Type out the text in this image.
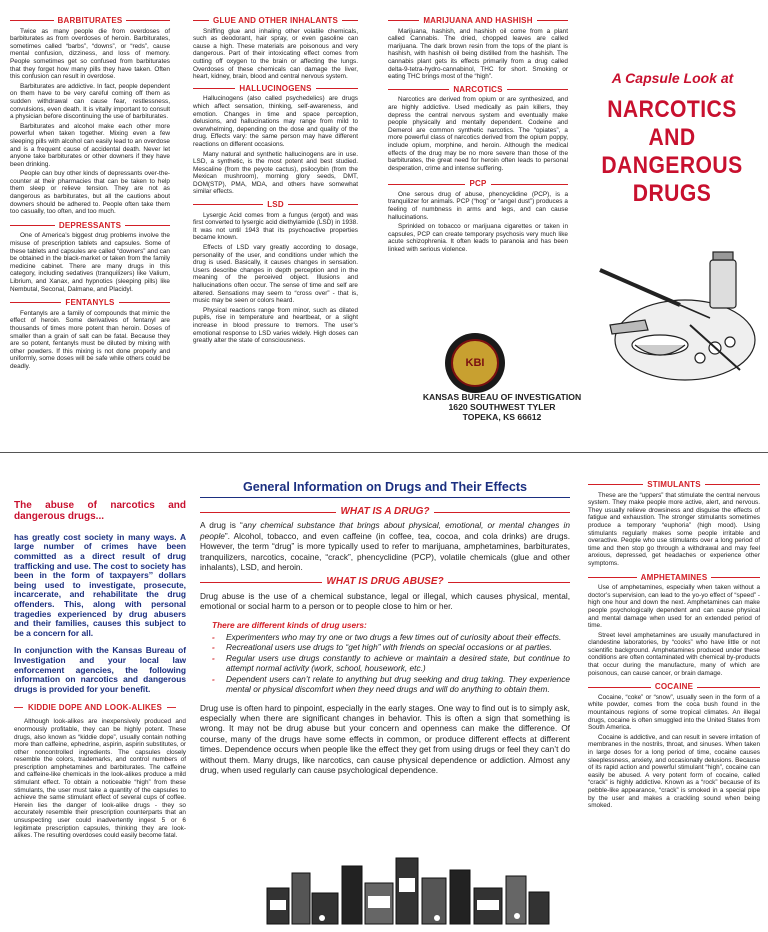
BARBITURATES

Twice as many people die from overdoses of barbiturates as from overdoses of heroin. Barbiturates, sometimes called “barbs”, “downs”, or “reds”, cause mental confusion, dizziness, and loss of memory. People sometimes get so confused from barbiturates that they forget how many pills they have taken. Often this confusion can result in overdose.

Barbiturates are addictive. In fact, people dependent on them have to be very careful coming off them as sudden withdrawal can cause fear, restlessness, convulsions, even death. It is vitally important to consult a physician before discontinuing the use of barbiturates.

Barbiturates and alcohol make each other more powerful when taken together. Mixing even a few sleeping pills with alcohol can easily lead to an overdose and is a frequent cause of accidental death. Never let anyone take barbiturates or other downers if they have been drinking.

People can buy other kinds of depressants over-the-counter at their pharmacies that can be taken to help them sleep or relieve tension. They are not as dangerous as barbiturates, but all the cautions about downers should be adhered to. People often take them too casually, too often, and too much.

DEPRESSANTS

One of America’s biggest drug problems involve the misuse of prescription tablets and capsules. Some of these tablets and capsules are called “downers” and can be obtained in the black-market or taken from the family medicine cabinet. There are many drugs in this category, including sedatives (tranquilizers) like Valium, Librium, and Xanax, and hypnotics (sleeping pills) like Nembutal, Seconal, Dalmane, and Placidyl.

FENTANYLS

Fentanyls are a family of compounds that mimic the effect of heroin. Some derivatives of fentanyl are thousands of times more potent than heroin. Doses of smaller than a grain of salt can be fatal. Because they are so potent, fentanyls must be diluted by mixing with other powders. If this mixing is not done properly and uniformly, some doses will be safe while others could be deadly.

GLUE AND OTHER INHALANTS

Sniffing glue and inhaling other volatile chemicals, such as deodorant, hair spray, or even gasoline can cause a high. These materials are poisonous and very dangerous. Part of their intoxicating effect comes from cutting off oxygen to the brain or affecting the lungs. Overdoses of these chemicals can damage the liver, heart, kidney, brain, blood and central nervous system.

HALLUCINOGENS

Hallucinogens (also called psychedelics) are drugs which affect sensation, thinking, self-awareness, and emotion. Changes in time and space perception, delusions, and hallucinations may range from mild to overwhelming, depending on the dose and quality of the drug. Effects vary: the same person may have different reactions on different occasions.

Many natural and synthetic hallucinogens are in use. LSD, a synthetic, is the most potent and best studied. Mescaline (from the peyote cactus), psilocybin (from the Mexican mushroom), morning glory seeds, DMT, DOM(STP), PMA, MDA, and others have somewhat similar effects.

LSD

Lysergic Acid comes from a fungus (ergot) and was first converted to lysergic acid diethylamide (LSD) in 1938. It was not until 1943 that its psychoactive properties became known.

Effects of LSD vary greatly according to dosage, personality of the user, and conditions under which the drug is used. Basically, it causes changes in sensation. Users describe changes in depth perception and in the meaning of the perceived object. Illusions and hallucinations often occur. The sense of time and self are altered. Sensations may seem to “cross over” - that is, music may be seen or colors heard.

Physical reactions range from minor, such as dilated pupils, rise in temperature and heartbeat, or a slight increase in blood pressure to tremors. The user’s emotional response to LSD varies widely. High doses can greatly alter the state of consciousness.

MARIJUANA AND HASHISH

Marijuana, hashish, and hashish oil come from a plant called Cannabis. The dried, chopped leaves are called marijuana. The dark brown resin from the tops of the plant is hashish, with hashish oil being distilled from the hashish. The cannabis plant gets its effects primarily from a drug called delta-9-tetra-hydro-cannabinol, THC for short. Smoking or eating THC brings most of the “high”.

NARCOTICS

Narcotics are derived from opium or are synthesized, and are highly addictive. Used medically as pain killers, they depress the central nervous system and eventually make people physically and mentally dependent. Codeine and Demerol are common synthetic narcotics. The “opiates”, a more powerful class of narcotics derived from the opium poppy, include opium, morphine, and heroin. Although the medical effects of the drug may be no more severe than those of the barbiturates, the great need for heroin often leads to personal desperation, crime and intense suffering.

PCP

One serous drug of abuse, phencyclidine (PCP), is a tranquilizer for animals. PCP (“hog” or “angel dust”) produces a feeling of numbness in arms and legs, and can cause hallucinations.

Sprinkled on tobacco or marijuana cigarettes or taken in capsules, PCP can create temporary psychosis very much like acute schizophrenia. It often leads to paranoia and has been linked with serious violence.

A Capsule Look at
NARCOTICS
AND
DANGEROUS
DRUGS
KBI
KANSAS BUREAU OF INVESTIGATION
1620 SOUTHWEST TYLER
TOPEKA, KS 66612
The abuse of narcotics and dangerous drugs...
has greatly cost society in many ways. A large number of crimes have been committed as a direct result of drug trafficking and use. The cost to society has been in the form of taxpayers’’ dollars being used to investigate, prosecute, incarcerate, and rehabilitate the drug offenders. This, along with personal tragedies experienced by drug abusers and their families, causes this subject to be a concern for all.
In conjunction with the Kansas Bureau of Investigation and your local law enforcement agencies, the following information on narcotics and dangerous drugs is provided for your benefit.
— KIDDIE DOPE AND LOOK-ALIKES —
Although look-alikes are inexpensively produced and enormously profitable, they can be highly potent. These drugs, also known as “kiddie dope”, usually contain nothing more than caffeine, ephedrine, aspirin, aspirin substitutes, or other noncontrolled ingredients. The capsules closely resemble the colors, trademarks, and control numbers of prescription amphetamines and barbiturates. The caffeine and caffeine-like chemicals in the look-alikes produce a mild stimulant effect. To obtain a noticeable “high” from these stimulants, the user must take a quantity of the capsules to achieve the same stimulant effect of several cups of coffee. Herein lies the danger of look-alike drugs - they so accurately resemble their prescription counterparts that an unsuspecting user could inadvertently ingest 5 or 6 legitimate prescription capsules, thinking they are look-alikes. The resulting overdoses could easily become fatal.
General Information on Drugs and Their Effects
WHAT IS A DRUG?

A drug is “any chemical substance that brings about physical, emotional, or mental changes in people”. Alcohol, tobacco, and even caffeine (in coffee, tea, cocoa, and cola drinks) are drugs. However, the term “drug” is more typically used to refer to marijuana, amphetamines, barbiturates, tranquilizers, narcotics, cocaine, “crack”, phencyclidine (PCP), volatile chemicals (glue and other inhalants), LSD, and heroin.

WHAT IS DRUG ABUSE?

Drug abuse is the use of a chemical substance, legal or illegal, which causes physical, mental, emotional or social harm to a person or to people close to him or her.

There are different kinds of drug users:
- Experimenters who may try one or two drugs a few times out of curiosity about their effects.
- Recreational users use drugs to “get high” with friends on special occasions or at parties.
- Regular users use drugs constantly to achieve or maintain a desired state, but continue to attempt normal activity (work, school, housework, etc.)
- Dependent users can’t relate to anything but drug seeking and drug taking. They experience mental or physical discomfort when they need drugs and will do anything to obtain them.

Drug use is often hard to pinpoint, especially in the early stages. One way to find out is to simply ask, especially when there are significant changes in behavior. This is often a sign that something is wrong. It may not be drug abuse but your concern and openness can make the difference. Of course, many of the drugs have some effects in common, or produce different effects at different times. Dependence occurs when people like the effect they get from using drugs or feel they can’t do without them. Many drugs, like narcotics, can cause physical dependence or addiction. Almost any drug, when used regularly can cause psychological dependence.

STIMULANTS

These are the “uppers” that stimulate the central nervous system. They make people more active, alert, and nervous. They usually relieve drowsiness and disguise the effects of fatigue and exhaustion. The stronger stimulants sometimes produce a temporary “euphoria” (high mood). Using stimulants regularly makes some people irritable and overactive. People who use stimulants over a long period of time and then stop go through a withdrawal and may feel anxious, depressed, get headaches or experience other symptoms.

AMPHETAMINES

Use of amphetamines, especially when taken without a doctor’s supervision, can lead to the yo-yo effect of “speed” - high one hour and down the next. Amphetamines can make people psychologically dependent and can cause physical and mental damage when used for an extended period of time.

Street level amphetamines are usually manufactured in clandestine laboratories, by “cooks” who have little or not scientific background. Amphetamines produced under these conditions are often contaminated with chemical by-products that occur during the manufacture, many of which are poisonous, can cause cancer, or brain damage.

COCAINE

Cocaine, “coke” or “snow”, usually seen in the form of a white powder, comes from the coca bush found in the mountainous regions of some tropical climates. An illegal drugs, cocaine is often smuggled into the United States from South America.

Cocaine is addictive, and can result in severe irritation of membranes in the nostrils, throat, and sinuses. When taken in large doses for a long period of time, cocaine causes sleeplessness, anxiety, and occasionally delusions. Because of its rapid action and powerful stimulant “high”, cocaine can easily be abused. A very potent form of cocaine, called “crack” is highly addictive. Known as a “rock” because of its pebble-like appearance, “crack” is smoked in a special pipe by the user and makes a crackling sound when being smoked.
